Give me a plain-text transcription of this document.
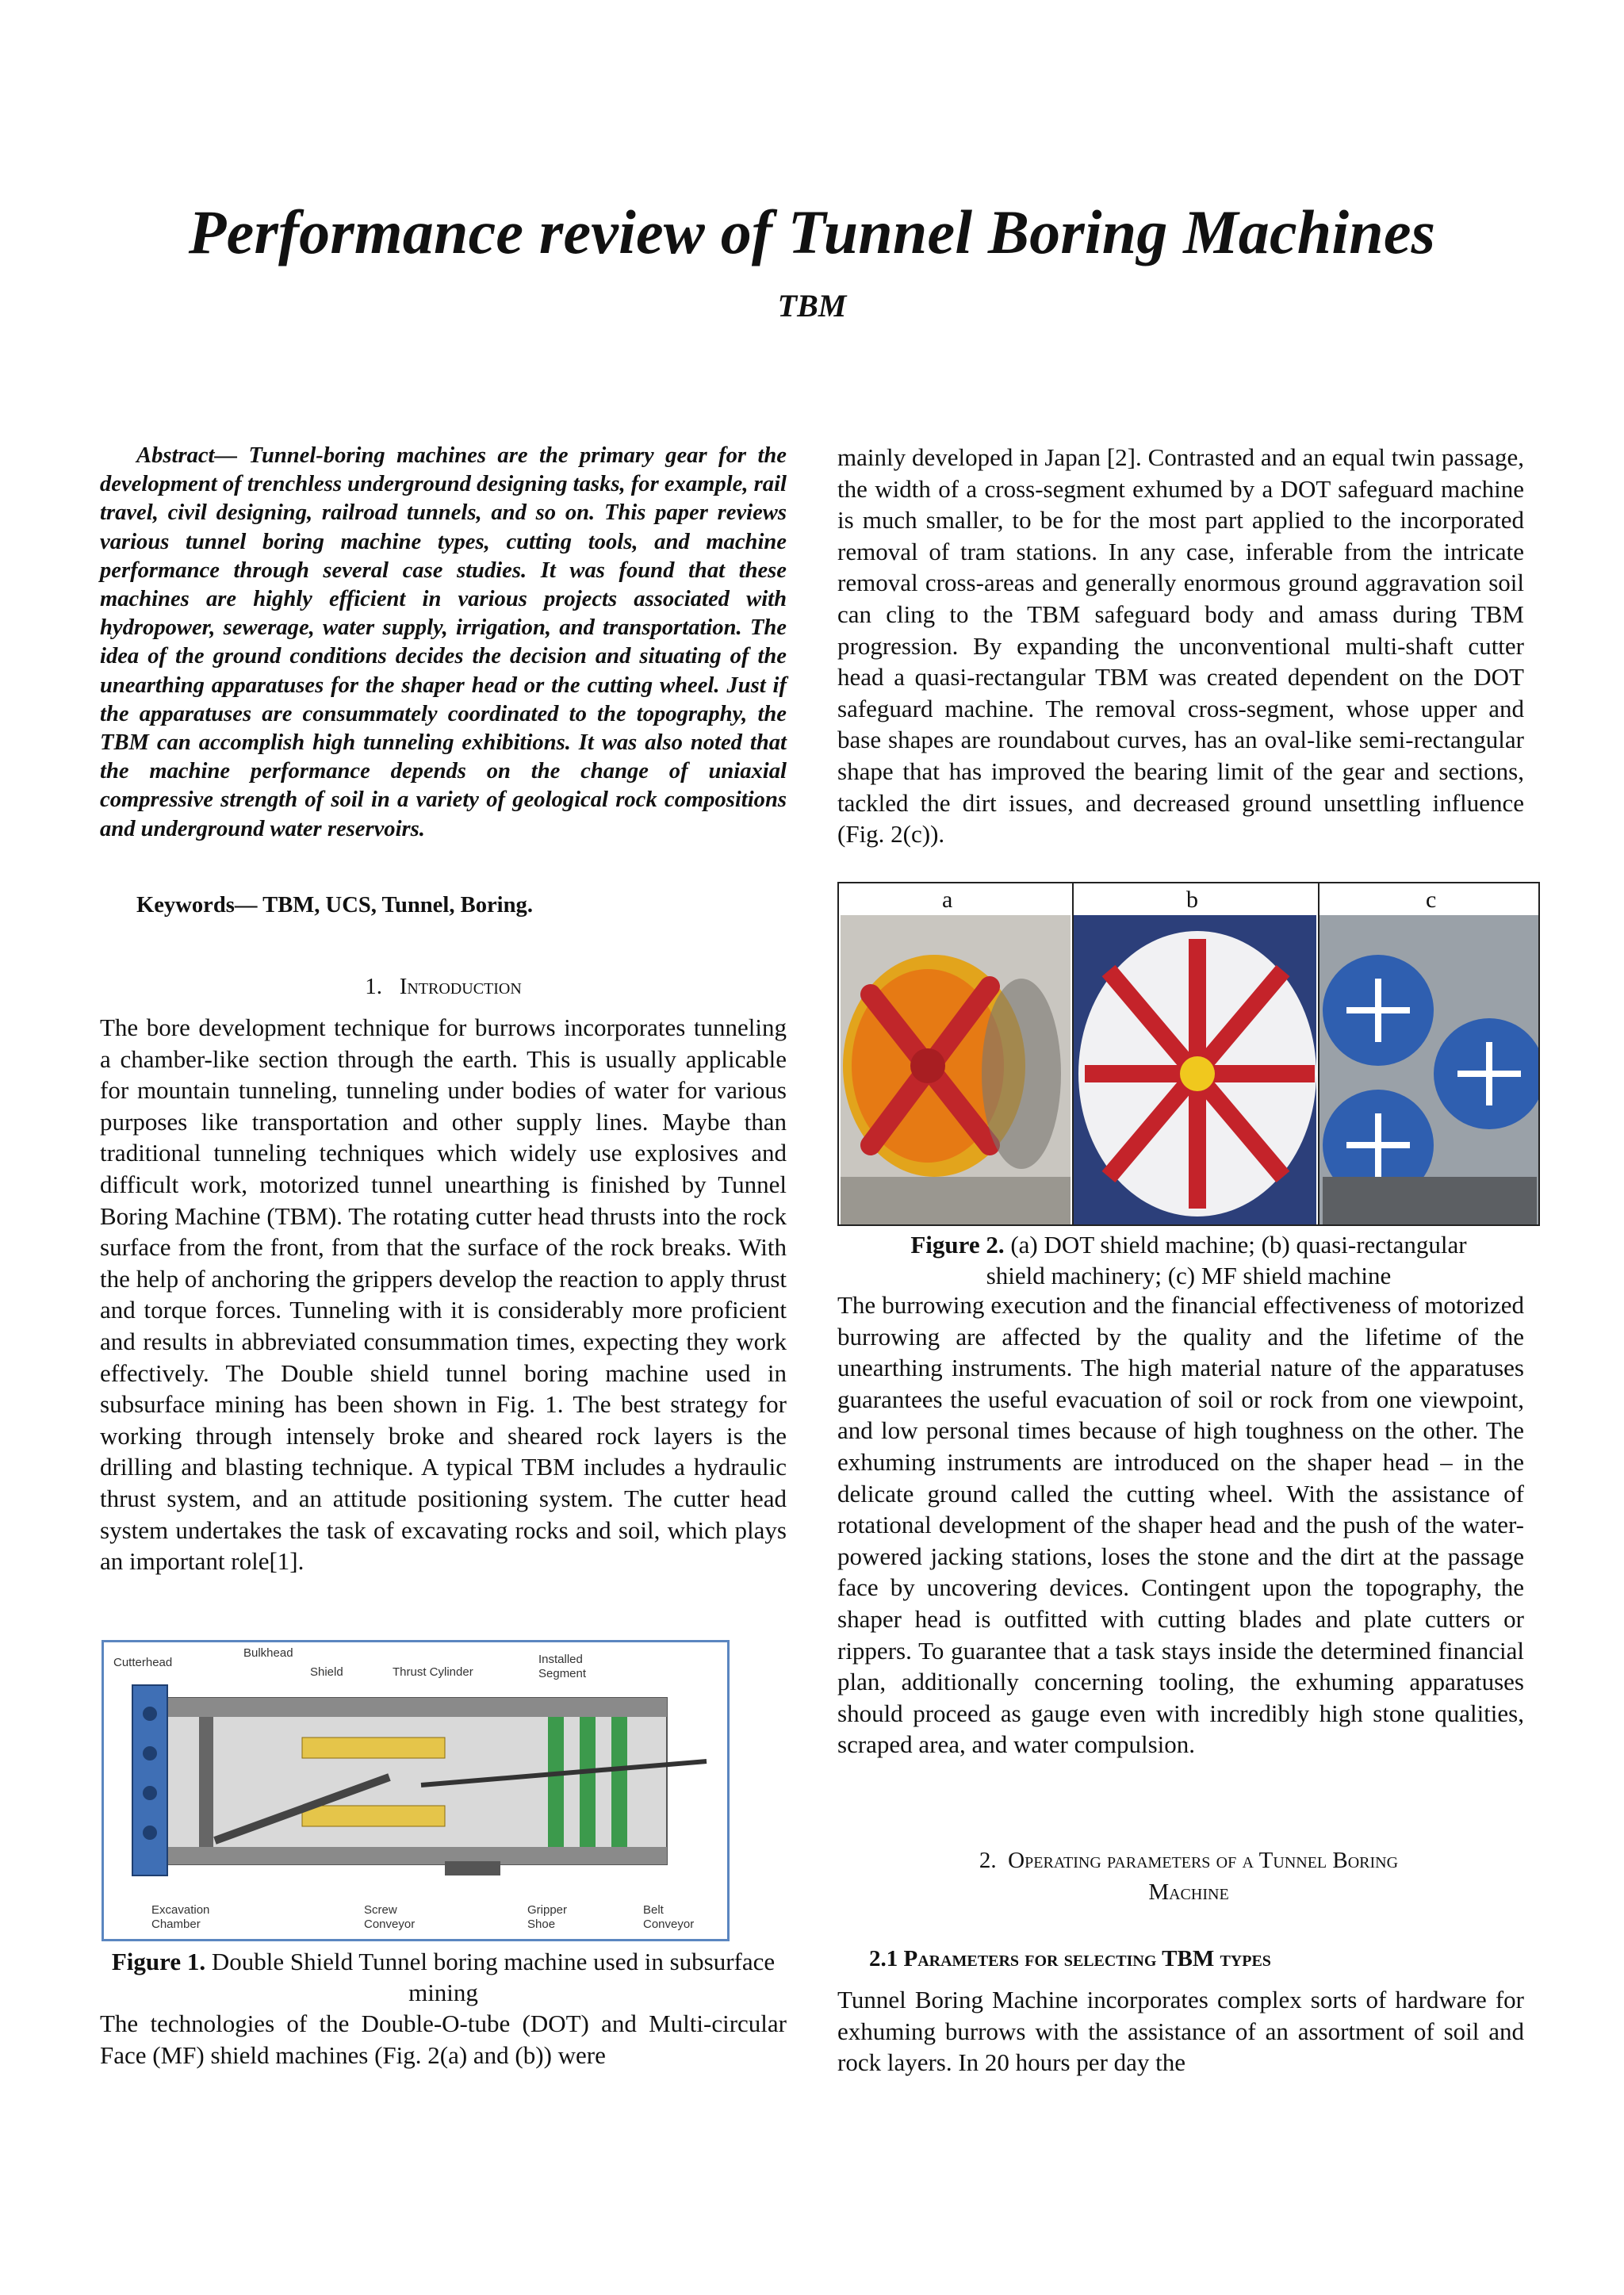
Performance review of Tunnel Boring Machines
TBM

Abstract— Tunnel-boring machines are the primary gear for the development of trenchless underground designing tasks, for example, rail travel, civil designing, railroad tunnels, and so on. This paper reviews various tunnel boring machine types, cutting tools, and machine performance through several case studies. It was found that these machines are highly efficient in various projects associated with hydropower, sewerage, water supply, irrigation, and transportation. The idea of the ground conditions decides the decision and situating of the unearthing apparatuses for the shaper head or the cutting wheel. Just if the apparatuses are consummately coordinated to the topography, the TBM can accomplish high tunneling exhibitions. It was also noted that the machine performance depends on the change of uniaxial compressive strength of soil in a variety of geological rock compositions and underground water reservoirs.

Keywords— TBM, UCS, Tunnel, Boring.

1. Introduction

The bore development technique for burrows incorporates tunneling a chamber-like section through the earth. This is usually applicable for mountain tunneling, tunneling under bodies of water for various purposes like transportation and other supply lines. Maybe than traditional tunneling techniques which widely use explosives and difficult work, motorized tunnel unearthing is finished by Tunnel Boring Machine (TBM). The rotating cutter head thrusts into the rock surface from the front, from that the surface of the rock breaks. With the help of anchoring the grippers develop the reaction to apply thrust and torque forces. Tunneling with it is considerably more proficient and results in abbreviated consummation times, expecting they work effectively. The Double shield tunnel boring machine used in subsurface mining has been shown in Fig. 1. The best strategy for working through intensely broke and sheared rock layers is the drilling and blasting technique. A typical TBM includes a hydraulic thrust system, and an attitude positioning system. The cutter head system undertakes the task of excavating rocks and soil, which plays an important role[1].

Cutterhead
Bulkhead
Shield	Thrust Cylinder
Installed
Segment
Excavation
Chamber
Screw
Conveyor
Gripper
Shoe
Belt
Conveyor
Figure 1. Double Shield Tunnel boring machine used in subsurface mining

The technologies of the Double-O-tube (DOT) and Multi-circular Face (MF) shield machines (Fig. 2(a) and (b)) were

mainly developed in Japan [2]. Contrasted and an equal twin passage, the width of a cross-segment exhumed by a DOT safeguard machine is much smaller, to be for the most part applied to the incorporated removal of tram stations. In any case, inferable from the intricate removal cross-areas and generally enormous ground aggravation soil can cling to the TBM safeguard body and amass during TBM progression. By expanding the unconventional multi-shaft cutter head a quasi-rectangular TBM was created dependent on the DOT safeguard machine. The removal cross-segment, whose upper and base shapes are roundabout curves, has an oval-like semi-rectangular shape that has improved the bearing limit of the gear and sections, tackled the dirt issues, and decreased ground unsettling influence (Fig. 2(c)).

a	b	c
Figure 2. (a) DOT shield machine; (b) quasi-rectangular
shield machinery; (c) MF shield machine

The burrowing execution and the financial effectiveness of motorized burrowing are affected by the quality and the lifetime of the unearthing instruments. The high material nature of the apparatuses guarantees the useful evacuation of soil or rock from one viewpoint, and low personal times because of high toughness on the other. The exhuming instruments are introduced on the shaper head – in the delicate ground called the cutting wheel. With the assistance of rotational development of the shaper head and the push of the water-powered jacking stations, loses the stone and the dirt at the passage face by uncovering devices. Contingent upon the topography, the shaper head is outfitted with cutting blades and plate cutters or rippers. To guarantee that a task stays inside the determined financial plan, additionally concerning tooling, the exhuming apparatuses should proceed as gauge even with incredibly high stone qualities, scraped area, and water compulsion.

2. Operating parameters of a Tunnel Boring
Machine
2.1 Parameters for selecting TBM types

Tunnel Boring Machine incorporates complex sorts of hardware for exhuming burrows with the assistance of an assortment of soil and rock layers. In 20 hours per day the
